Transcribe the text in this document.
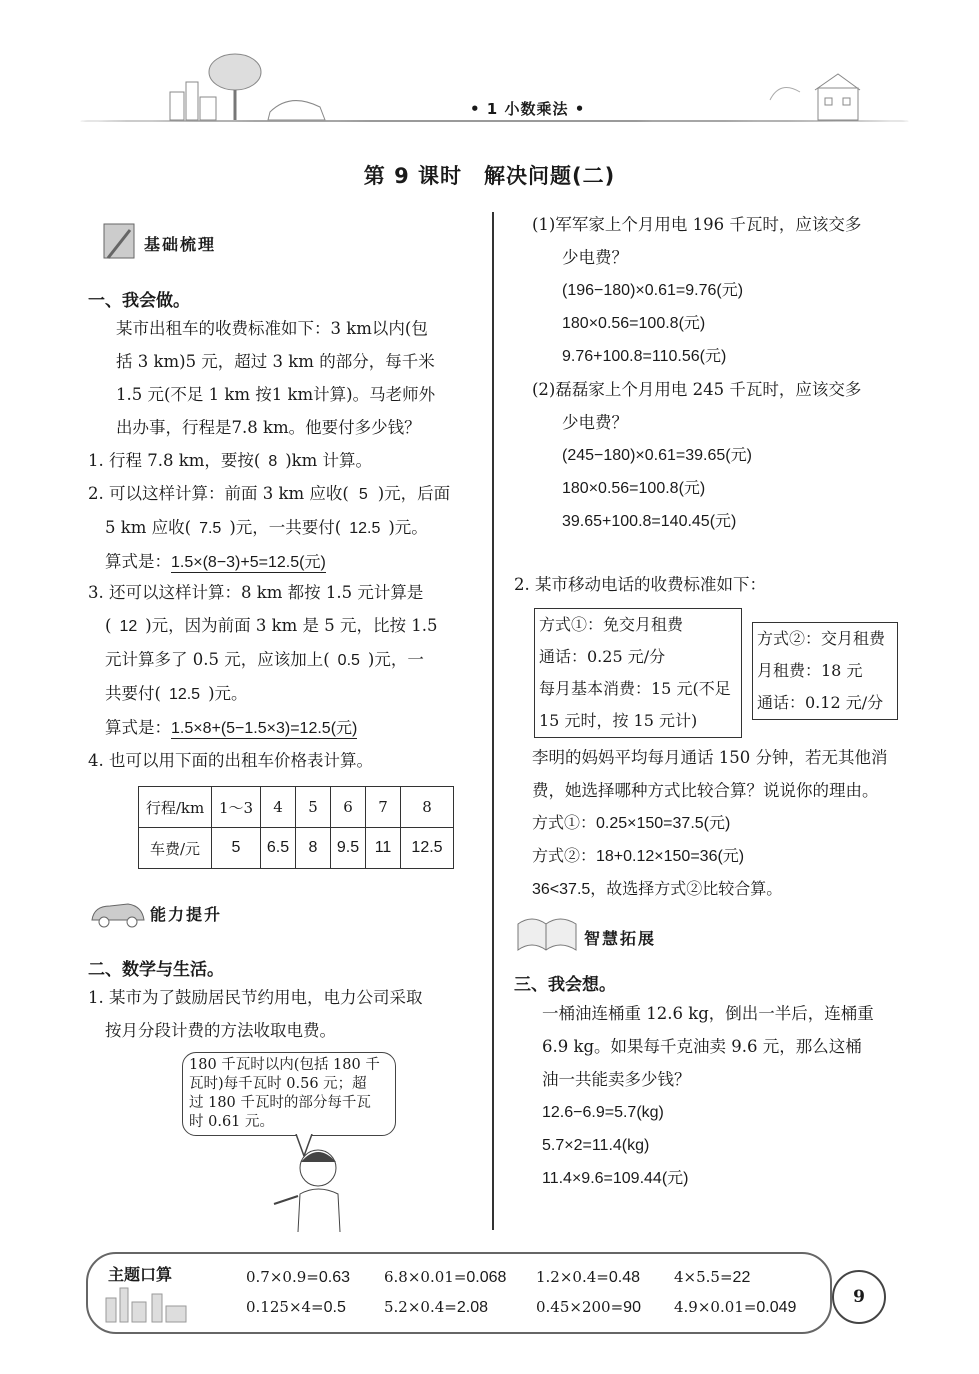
• 1 小数乘法 •
第 9 课时　解决问题(二)
基础梳理
一、我会做。
某市出租车的收费标准如下：3 km以内(包
括 3 km)5 元，超过 3 km 的部分，每千米
1.5 元(不足 1 km 按1 km计算)。马老师外
出办事，行程是7.8 km。他要付多少钱？
1. 行程 7.8 km，要按( 8 )km 计算。
2. 可以这样计算：前面 3 km 应收( 5 )元，后面
5 km 应收( 7.5 )元，一共要付( 12.5 )元。
算式是：1.5×(8−3)+5=12.5(元)
3. 还可以这样计算：8 km 都按 1.5 元计算是
( 12 )元，因为前面 3 km 是 5 元，比按 1.5
元计算多了 0.5 元，应该加上( 0.5 )元，一
共要付( 12.5 )元。
算式是：1.5×8+(5−1.5×3)=12.5(元)
4. 也可以用下面的出租车价格表计算。
行程/km	1～3	4	5	6	7	8
车费/元	5	6.5	8	9.5	11	12.5
能力提升
二、数学与生活。
1. 某市为了鼓励居民节约用电，电力公司采取
按月分段计费的方法收取电费。
180 千瓦时以内(包括 180 千
瓦时)每千瓦时 0.56 元；超
过 180 千瓦时的部分每千瓦
时 0.61 元。
(1)军军家上个月用电 196 千瓦时，应该交多
少电费？
(196−180)×0.61=9.76(元)
180×0.56=100.8(元)
9.76+100.8=110.56(元)
(2)磊磊家上个月用电 245 千瓦时，应该交多
少电费？
(245−180)×0.61=39.65(元)
180×0.56=100.8(元)
39.65+100.8=140.45(元)
2. 某市移动电话的收费标准如下：
方式①：免交月租费
通话：0.25 元/分
每月基本消费：15 元(不足
15 元时，按 15 元计)
方式②：交月租费
月租费：18 元
通话：0.12 元/分
李明的妈妈平均每月通话 150 分钟，若无其他消
费，她选择哪种方式比较合算？说说你的理由。
方式①：0.25×150=37.5(元)
方式②：18+0.12×150=36(元)
36<37.5，故选择方式②比较合算。
智慧拓展
三、我会想。
一桶油连桶重 12.6 kg，倒出一半后，连桶重
6.9 kg。如果每千克油卖 9.6 元，那么这桶
油一共能卖多少钱？
12.6−6.9=5.7(kg)
5.7×2=11.4(kg)
11.4×9.6=109.44(元)
主题口算	0.7×0.9=0.63 6.8×0.01=0.068 1.2×0.4=0.48 4×5.5=22
0.125×4=0.5	5.2×0.4=2.08	0.45×200=90 4.9×0.01=0.049
9
